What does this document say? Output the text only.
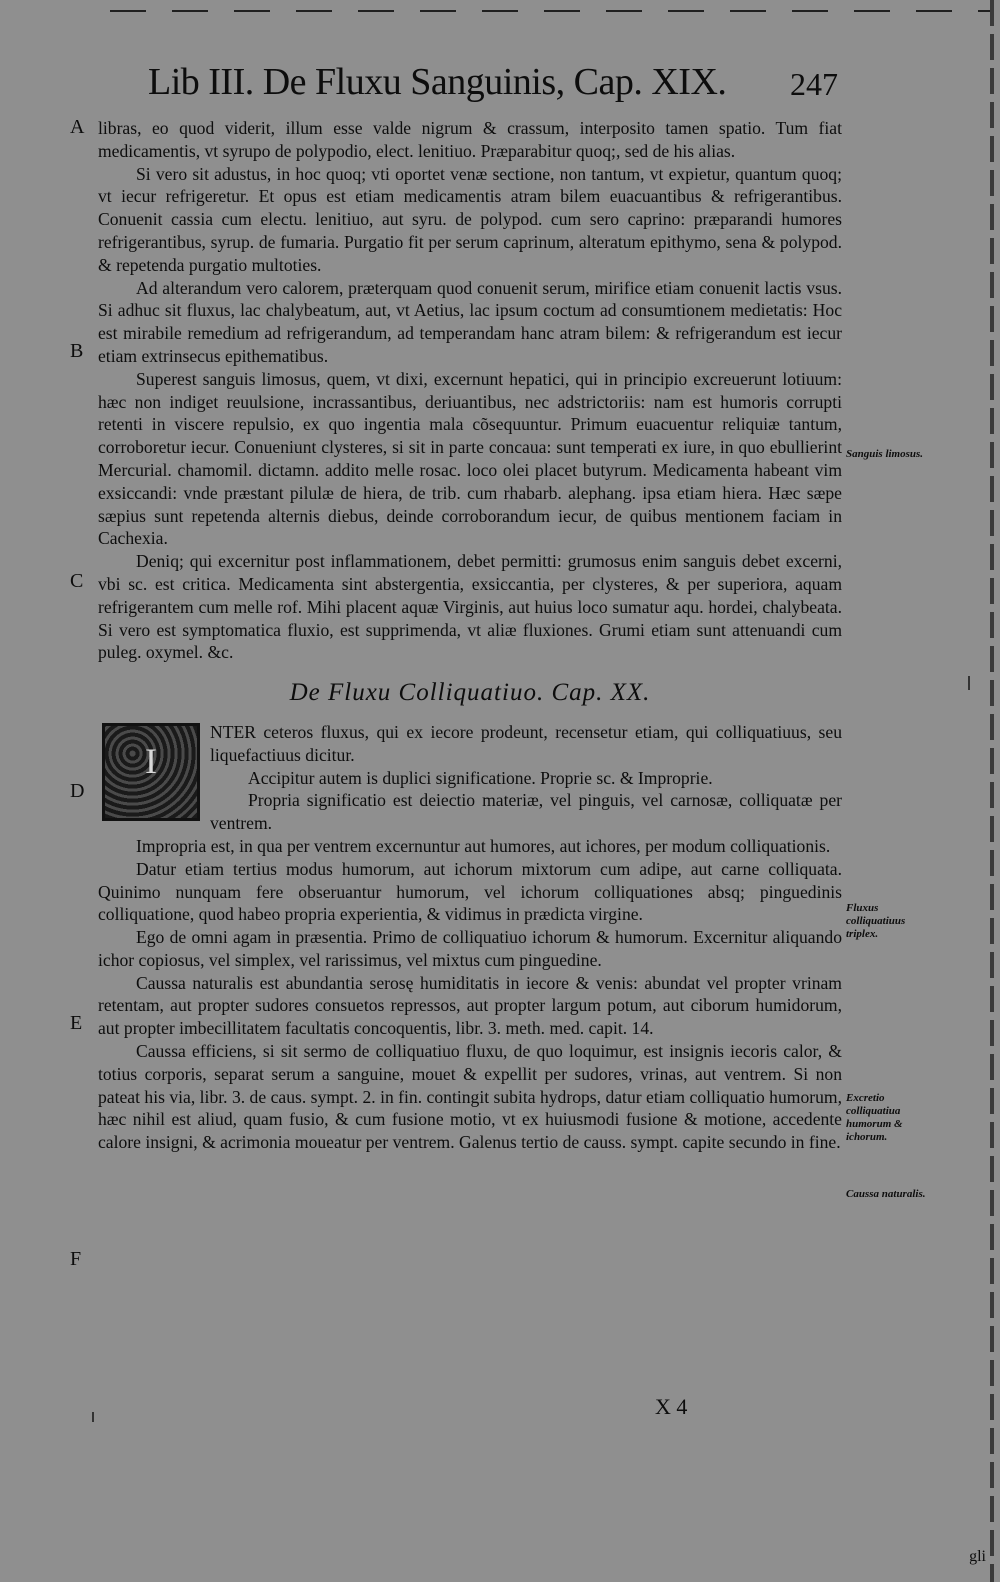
Lib III. De Fluxu Sanguinis, Cap. XIX. 247
A
B
C
D
E
F

libras, eo quod viderit, illum esse valde nigrum & crassum, interposito tamen spatio. Tum fiat medicamentis, vt syrupo de polypodio, elect. lenitiuo. Præparabitur quoq;, sed de his alias.

Si vero sit adustus, in hoc quoq; vti oportet venæ sectione, non tantum, vt expietur, quantum quoq; vt iecur refrigeretur. Et opus est etiam medicamentis atram bilem euacuantibus & refrigerantibus. Conuenit cassia cum electu. lenitiuo, aut syru. de polypod. cum sero caprino: præparandi humores refrigerantibus, syrup. de fumaria. Purgatio fit per serum caprinum, alteratum epithymo, sena & polypod. & repetenda purgatio multoties.

Ad alterandum vero calorem, præterquam quod conuenit serum, mirifice etiam conuenit lactis vsus. Si adhuc sit fluxus, lac chalybeatum, aut, vt Aetius, lac ipsum coctum ad consumtionem medietatis: Hoc est mirabile remedium ad refrigerandum, ad temperandam hanc atram bilem: & refrigerandum est iecur etiam extrinsecus epithematibus.

Superest sanguis limosus, quem, vt dixi, excernunt hepatici, qui in principio excreuerunt lotiuum: hæc non indiget reuulsione, incrassantibus, deriuantibus, nec adstrictoriis: nam est humoris corrupti retenti in viscere repulsio, ex quo ingentia mala cõsequuntur. Primum euacuentur reliquiæ tantum, corroboretur iecur. Conueniunt clysteres, si sit in parte concaua: sunt temperati ex iure, in quo ebullierint Mercurial. chamomil. dictamn. addito melle rosac. loco olei placet butyrum. Medicamenta habeant vim exsiccandi: vnde præstant pilulæ de hiera, de trib. cum rhabarb. alephang. ipsa etiam hiera. Hæc sæpe sæpius sunt repetenda alternis diebus, deinde corroborandum iecur, de quibus mentionem faciam in Cachexia.

Deniq; qui excernitur post inflammationem, debet permitti: grumosus enim sanguis debet excerni, vbi sc. est critica. Medicamenta sint abstergentia, exsiccantia, per clysteres, & per superiora, aquam refrigerantem cum melle rof. Mihi placent aquæ Virginis, aut huius loco sumatur aqu. hordei, chalybeata. Si vero est symptomatica fluxio, est supprimenda, vt aliæ fluxiones. Grumi etiam sunt attenuandi cum puleg. oxymel. &c.

De Fluxu Colliquatiuo. Cap. XX.
I

NTER ceteros fluxus, qui ex iecore prodeunt, recensetur etiam, qui colliquatiuus, seu liquefactiuus dicitur.

Accipitur autem is duplici significatione. Proprie sc. & Improprie.

Propria significatio est deiectio materiæ, vel pinguis, vel carnosæ, colliquatæ per ventrem.

Impropria est, in qua per ventrem excernuntur aut humores, aut ichores, per modum colliquationis.

Datur etiam tertius modus humorum, aut ichorum mixtorum cum adipe, aut carne colliquata. Quinimo nunquam fere obseruantur humorum, vel ichorum colliquationes absq; pinguedinis colliquatione, quod habeo propria experientia, & vidimus in prædicta virgine.

Ego de omni agam in præsentia. Primo de colliquatiuo ichorum & humorum. Excernitur aliquando ichor copiosus, vel simplex, vel rarissimus, vel mixtus cum pinguedine.

Caussa naturalis est abundantia serosę humiditatis in iecore & venis: abundat vel propter vrinam retentam, aut propter sudores consuetos repressos, aut propter largum potum, aut ciborum humidorum, aut propter imbecillitatem facultatis concoquentis, libr. 3. meth. med. capit. 14.

Caussa efficiens, si sit sermo de colliquatiuo fluxu, de quo loquimur, est insignis iecoris calor, & totius corporis, separat serum a sanguine, mouet & expellit per sudores, vrinas, aut ventrem. Si non pateat his via, libr. 3. de caus. sympt. 2. in fin. contingit subita hydrops, datur etiam colliquatio humorum, hæc nihil est aliud, quam fusio, & cum fusione motio, vt ex huiusmodi fusione & motione, accedente calore insigni, & acrimonia moueatur per ventrem. Galenus tertio de causs. sympt. capite secundo in fine.

Sanguis limosus.
Fluxus colliquatiuus triplex.
Excretio colliquatiua humorum & ichorum.
Caussa naturalis.
X 4
gli
